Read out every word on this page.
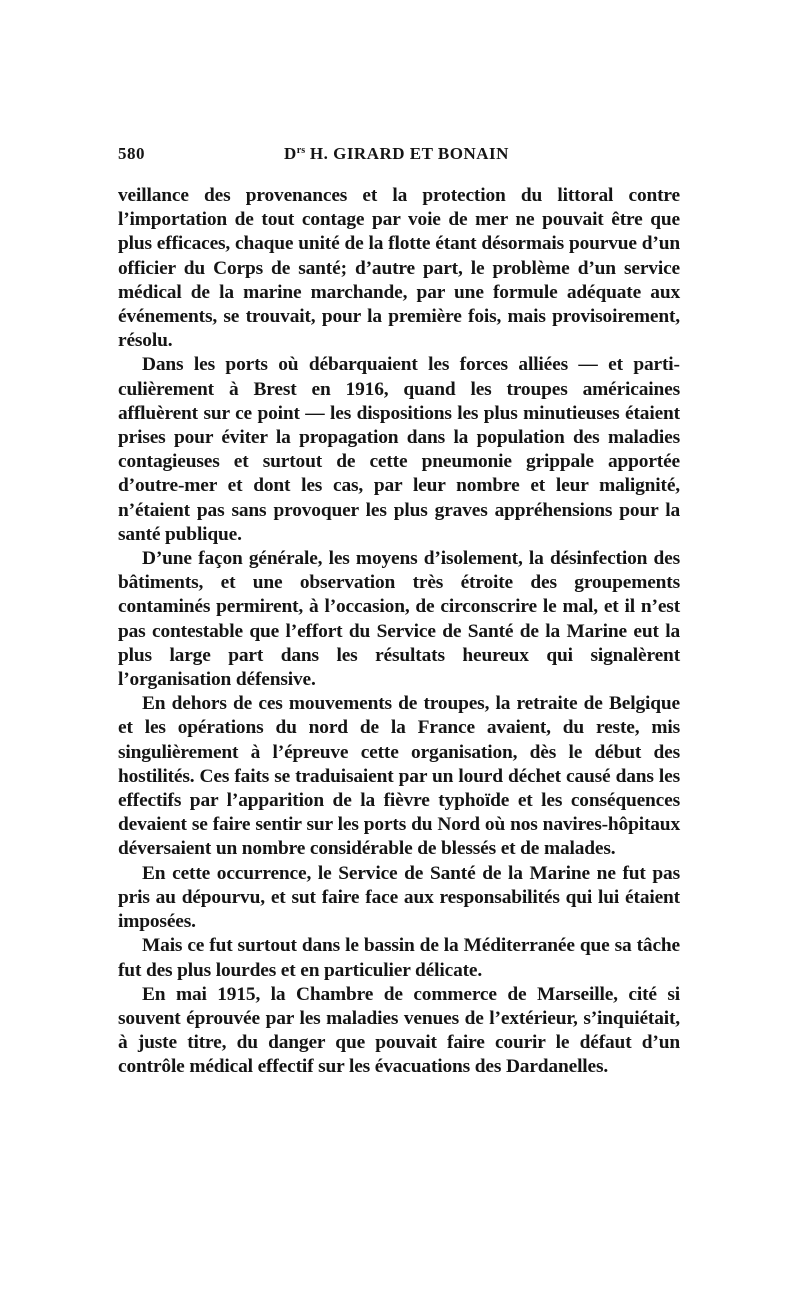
580	$D^{rs}$ H. GIRARD ET BONAIN

veillance des provenances et la protection du littoral contre l’importation de tout contage par voie de mer ne pouvait être que plus efficaces, chaque unité de la flotte étant désormais pourvue d’un officier du Corps de santé; d’autre part, le problème d’un service médical de la marine marchande, par une formule adéquate aux événements, se trouvait, pour la première fois, mais provisoirement, résolu.

Dans les ports où débarquaient les forces alliées — et particulièrement à Brest en 1916, quand les troupes américaines affluèrent sur ce point — les dispositions les plus minutieuses étaient prises pour éviter la propagation dans la population des maladies contagieuses et surtout de cette pneumonie grippale apportée d’outre-mer et dont les cas, par leur nombre et leur malignité, n’étaient pas sans provoquer les plus graves appréhensions pour la santé publique.

D’une façon générale, les moyens d’isolement, la désinfection des bâtiments, et une observation très étroite des groupements contaminés permirent, à l’occasion, de circonscrire le mal, et il n’est pas contestable que l’effort du Service de Santé de la Marine eut la plus large part dans les résultats heureux qui signalèrent l’organisation défensive.

En dehors de ces mouvements de troupes, la retraite de Belgique et les opérations du nord de la France avaient, du reste, mis singulièrement à l’épreuve cette organisation, dès le début des hostilités. Ces faits se traduisaient par un lourd déchet causé dans les effectifs par l’apparition de la fièvre typhoïde et les conséquences devaient se faire sentir sur les ports du Nord où nos navires-hôpitaux déversaient un nombre considérable de blessés et de malades.

En cette occurrence, le Service de Santé de la Marine ne fut pas pris au dépourvu, et sut faire face aux responsabilités qui lui étaient imposées.

Mais ce fut surtout dans le bassin de la Méditerranée que sa tâche fut des plus lourdes et en particulier délicate.

En mai 1915, la Chambre de commerce de Marseille, cité si souvent éprouvée par les maladies venues de l’extérieur, s’inquiétait, à juste titre, du danger que pouvait faire courir le défaut d’un contrôle médical effectif sur les évacuations des Dardanelles.
